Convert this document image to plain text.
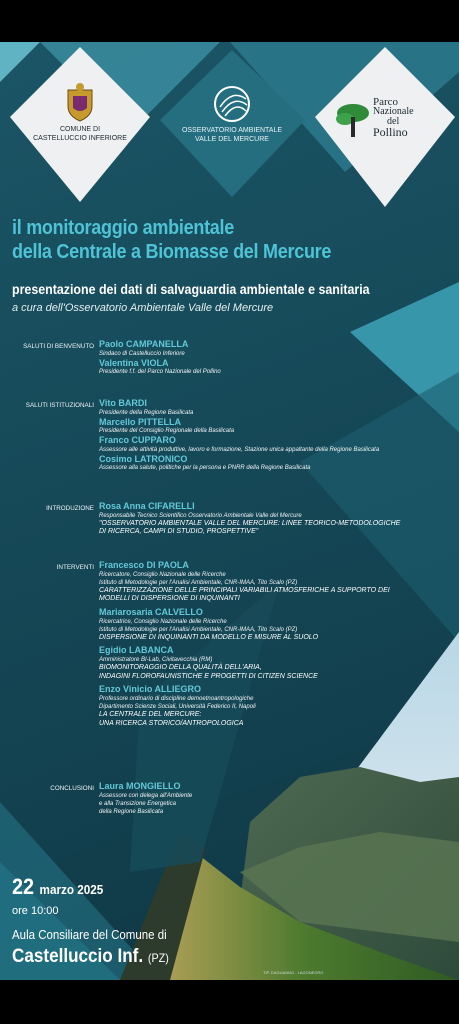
COMUNE DI
CASTELLUCCIO INFERIORE
OSSERVATORIO AMBIENTALE
VALLE DEL MERCURE
Parco
Nazionale
del
Pollino
il monitoraggio ambientale
della Centrale a Biomasse del Mercure
presentazione dei dati di salvaguardia ambientale e sanitaria
a cura dell'Osservatorio Ambientale Valle del Mercure
SALUTI DI BENVENUTO Paolo CAMPANELLA
Sindaco di Castelluccio Inferiore
Valentina VIOLA
Presidente f.f. del Parco Nazionale del Pollino
SALUTI ISTITUZIONALI Vito BARDI
Presidente della Regione Basilicata
Marcello PITTELLA
Presidente del Consiglio Regionale della Basilicata
Franco CUPPARO
Assessore alle attività produttive, lavoro e formazione, Stazione unica appaltante della Regione Basilicata
Cosimo LATRONICO
Assessore alla salute, politiche per la persona e PNRR della Regione Basilicata
INTRODUZIONE Rosa Anna CIFARELLI
Responsabile Tecnico Scientifico Osservatorio Ambientale Valle del Mercure
"OSSERVATORIO AMBIENTALE VALLE DEL MERCURE: LINEE TEORICO-METODOLOGICHE
DI RICERCA, CAMPI DI STUDIO, PROSPETTIVE"
INTERVENTI Francesco DI PAOLA
Ricercatore, Consiglio Nazionale delle Ricerche
Istituto di Metodologie per l'Analisi Ambientale, CNR-IMAA, Tito Scalo (PZ)
CARATTERIZZAZIONE DELLE PRINCIPALI VARIABILI ATMOSFERICHE A SUPPORTO DEI
MODELLI DI DISPERSIONE DI INQUINANTI
Mariarosaria CALVELLO
Ricercatrice, Consiglio Nazionale delle Ricerche
Istituto di Metodologie per l'Analisi Ambientale, CNR-IMAA, Tito Scalo (PZ)
DISPERSIONE DI INQUINANTI DA MODELLO E MISURE AL SUOLO
Egidio LABANCA
Amministratore BI-Lab, Civitavecchia (RM)
BIOMONITORAGGIO DELLA QUALITÀ DELL'ARIA,
INDAGINI FLOROFAUNISTICHE E PROGETTI DI CITIZEN SCIENCE
Enzo Vinicio ALLIEGRO
Professore ordinario di discipline demoetnoantropologiche
Dipartimento Scienze Sociali, Università Federico II, Napoli
LA CENTRALE DEL MERCURE:
UNA RICERCA STORICO/ANTROPOLOGICA
CONCLUSIONI Laura MONGIELLO
Assessore con delega all'Ambiente
e alla Transizione Energetica
della Regione Basilicata
22 marzo 2025
ore 10:00
Aula Consiliare del Comune di
Castelluccio Inf. (PZ)
TIP. DAGUANNO - LAGONEGRO
